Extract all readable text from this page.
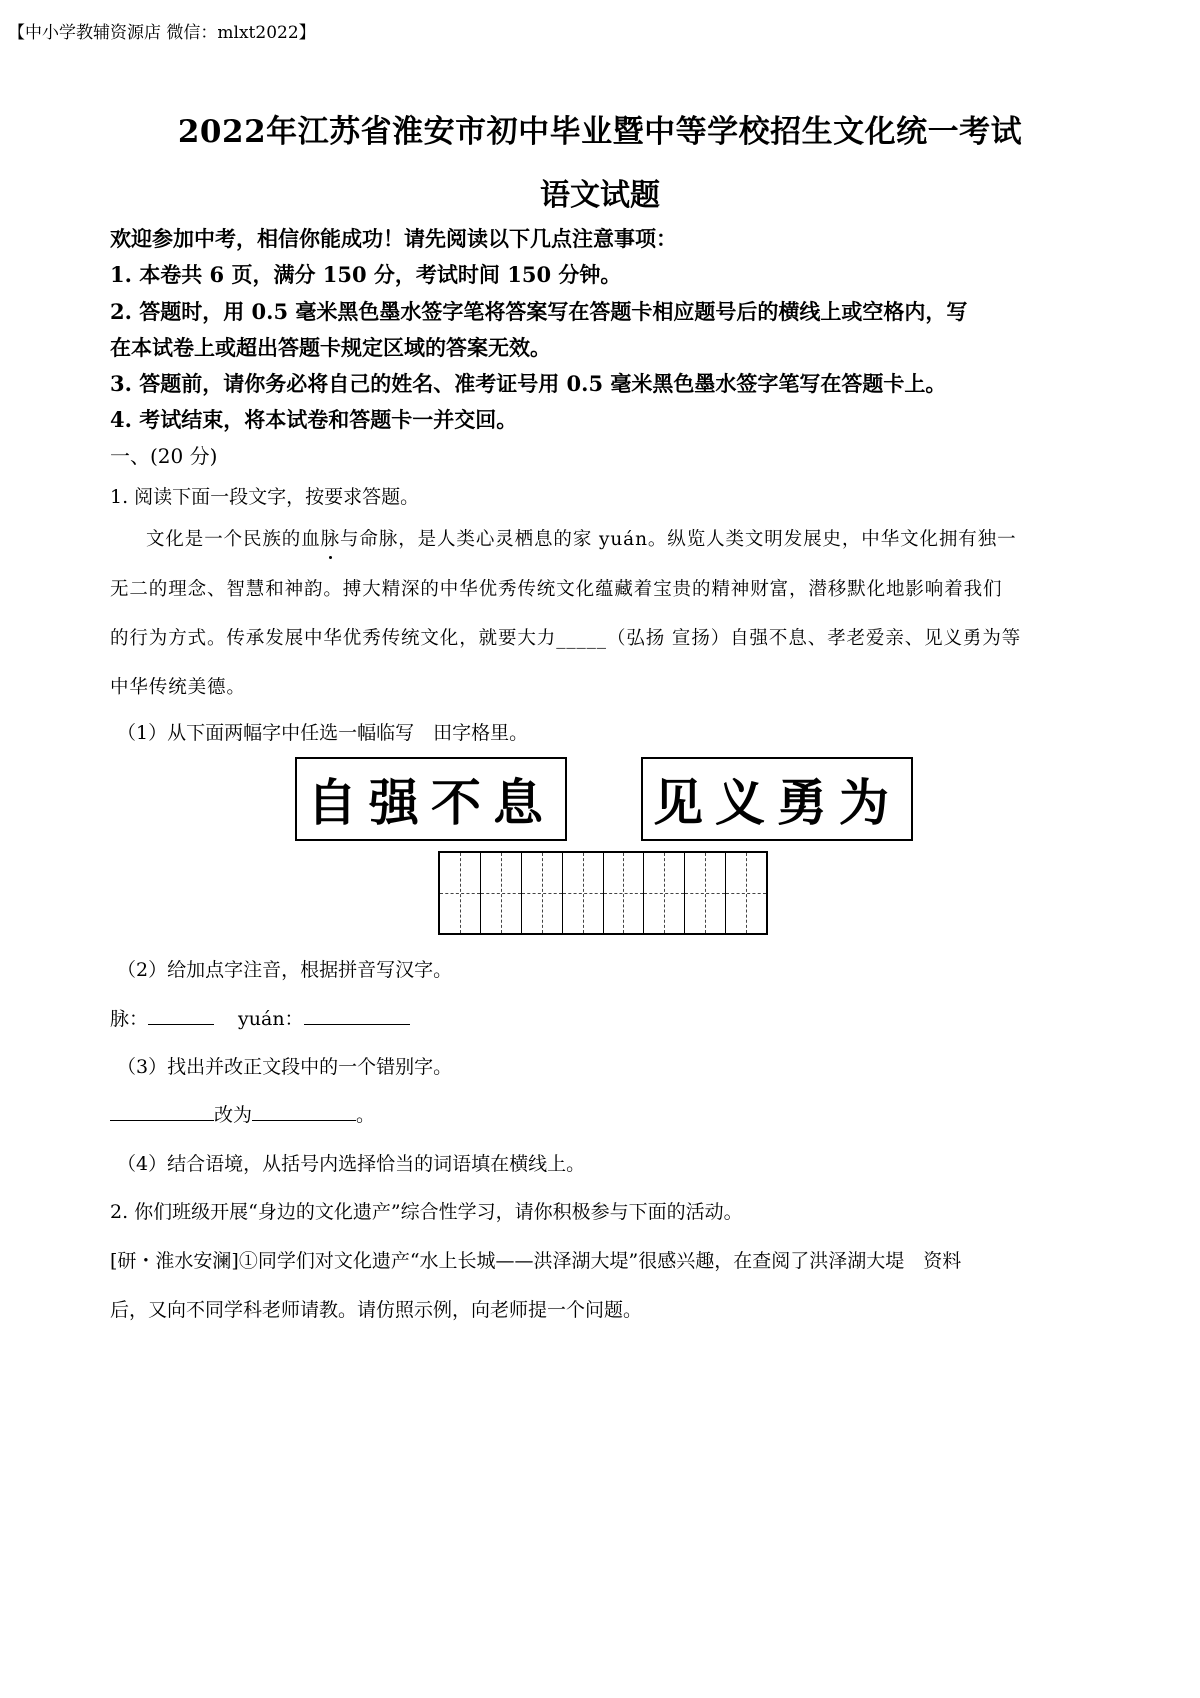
【中小学教辅资源店 微信：mlxt2022】
2022年江苏省淮安市初中毕业暨中等学校招生文化统一考试
语文试题
欢迎参加中考，相信你能成功！请先阅读以下几点注意事项：
1. 本卷共 6 页，满分 150 分，考试时间 150 分钟。
2. 答题时，用 0.5 毫米黑色墨水签字笔将答案写在答题卡相应题号后的横线上或空格内，写
在本试卷上或超出答题卡规定区域的答案无效。
3. 答题前，请你务必将自己的姓名、准考证号用 0.5 毫米黑色墨水签字笔写在答题卡上。
4. 考试结束，将本试卷和答题卡一并交回。
一、(20 分)
1. 阅读下面一段文字，按要求答题。
文化是一个民族的血脉与命脉，是人类心灵栖息的家 yuán。纵览人类文明发展史，中华文化拥有独一
无二的理念、智慧和神韵。搏大精深的中华优秀传统文化蕴藏着宝贵的精神财富，潜移默化地影响着我们
的行为方式。传承发展中华优秀传统文化，就要大力_____（弘扬 宣扬）自强不息、孝老爱亲、见义勇为等
中华传统美德。
（1）从下面两幅字中任选一幅临写　田字格里。
自强不息 见义勇为
（2）给加点字注音，根据拼音写汉字。
脉：	yuán：
（3）找出并改正文段中的一个错别字。
改为	。
（4）结合语境，从括号内选择恰当的词语填在横线上。
2. 你们班级开展“身边的文化遗产”综合性学习，请你积极参与下面的活动。
[研・淮水安澜]①同学们对文化遗产“水上长城——洪泽湖大堤”很感兴趣，在查阅了洪泽湖大堤　资料
后，又向不同学科老师请教。请仿照示例，向老师提一个问题。
